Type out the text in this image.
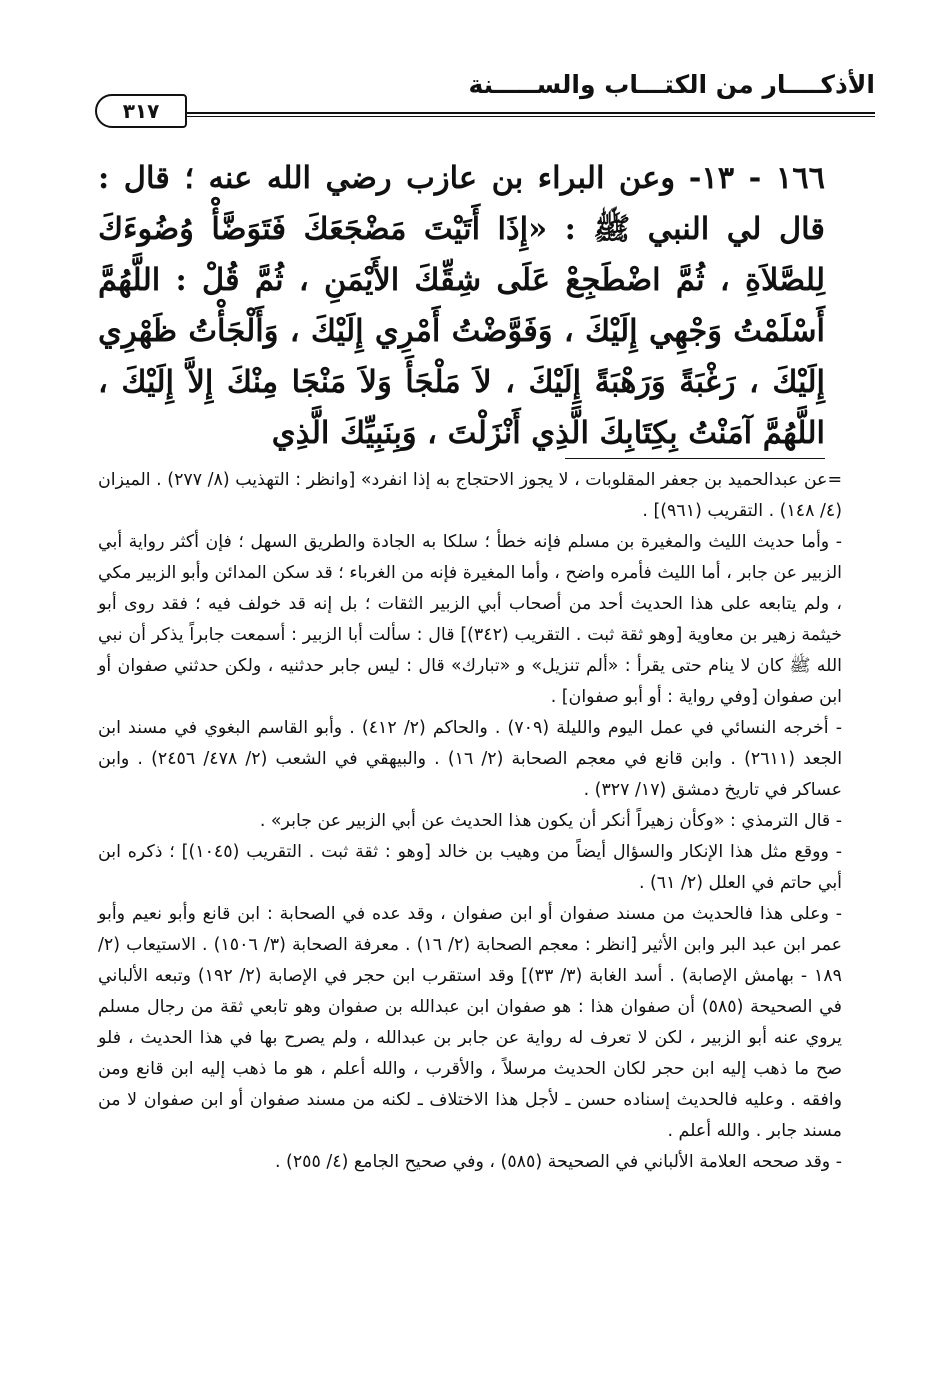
الأذكــــار من الكتـــاب والســـــنة
٣١٧
١٦٦ - ١٣- وعن البراء بن عازب رضي الله عنه ؛ قال : قال لي النبي ﷺ : «إِذَا أَتَيْتَ مَضْجَعَكَ فَتَوَضَّأْ وُضُوءَكَ لِلصَّلاَةِ ، ثُمَّ اضْطَجِعْ عَلَى شِقِّكَ الأَيْمَنِ ، ثُمَّ قُلْ : اللَّهُمَّ أَسْلَمْتُ وَجْهِي إِلَيْكَ ، وَفَوَّضْتُ أَمْرِي إِلَيْكَ ، وَأَلْجَأْتُ ظَهْرِي إِلَيْكَ ، رَغْبَةً وَرَهْبَةً إِلَيْكَ ، لاَ مَلْجَأَ وَلاَ مَنْجَا مِنْكَ إِلاَّ إِلَيْكَ ، اللَّهُمَّ آمَنْتُ بِكِتَابِكَ الَّذِي أَنْزَلْتَ ، وَبِنَبِيِّكَ الَّذِي

=عن عبدالحميد بن جعفر المقلوبات ، لا يجوز الاحتجاج به إذا انفرد» [وانظر : التهذيب (٨/ ٢٧٧) . الميزان (٤/ ١٤٨) . التقريب (٩٦١)] .

- وأما حديث الليث والمغيرة بن مسلم فإنه خطأ ؛ سلكا به الجادة والطريق السهل ؛ فإن أكثر رواية أبي الزبير عن جابر ، أما الليث فأمره واضح ، وأما المغيرة فإنه من الغرباء ؛ قد سكن المدائن وأبو الزبير مكي ، ولم يتابعه على هذا الحديث أحد من أصحاب أبي الزبير الثقات ؛ بل إنه قد خولف فيه ؛ فقد روى أبو خيثمة زهير بن معاوية [وهو ثقة ثبت . التقريب (٣٤٢)] قال : سألت أبا الزبير : أسمعت جابراً يذكر أن نبي الله ﷺ كان لا ينام حتى يقرأ : «ألم تنزيل» و «تبارك» قال : ليس جابر حدثنيه ، ولكن حدثني صفوان أو ابن صفوان [وفي رواية : أو أبو صفوان] .

- أخرجه النسائي في عمل اليوم والليلة (٧٠٩) . والحاكم (٢/ ٤١٢) . وأبو القاسم البغوي في مسند ابن الجعد (٢٦١١) . وابن قانع في معجم الصحابة (٢/ ١٦) . والبيهقي في الشعب (٢/ ٤٧٨/ ٢٤٥٦) . وابن عساكر في تاريخ دمشق (١٧/ ٣٢٧) .

- قال الترمذي : «وكأن زهيراً أنكر أن يكون هذا الحديث عن أبي الزبير عن جابر» .

- ووقع مثل هذا الإنكار والسؤال أيضاً من وهيب بن خالد [وهو : ثقة ثبت . التقريب (١٠٤٥)] ؛ ذكره ابن أبي حاتم في العلل (٢/ ٦١) .

- وعلى هذا فالحديث من مسند صفوان أو ابن صفوان ، وقد عده في الصحابة : ابن قانع وأبو نعيم وأبو عمر ابن عبد البر وابن الأثير [انظر : معجم الصحابة (٢/ ١٦) . معرفة الصحابة (٣/ ١٥٠٦) . الاستيعاب (٢/ ١٨٩ - بهامش الإصابة) . أسد الغابة (٣/ ٣٣)] وقد استقرب ابن حجر في الإصابة (٢/ ١٩٢) وتبعه الألباني في الصحيحة (٥٨٥) أن صفوان هذا : هو صفوان ابن عبدالله بن صفوان وهو تابعي ثقة من رجال مسلم يروي عنه أبو الزبير ، لكن لا تعرف له رواية عن جابر بن عبدالله ، ولم يصرح بها في هذا الحديث ، فلو صح ما ذهب إليه ابن حجر لكان الحديث مرسلاً ، والأقرب ، والله أعلم ، هو ما ذهب إليه ابن قانع ومن وافقه . وعليه فالحديث إسناده حسن ـ لأجل هذا الاختلاف ـ لكنه من مسند صفوان أو ابن صفوان لا من مسند جابر . والله أعلم .

- وقد صححه العلامة الألباني في الصحيحة (٥٨٥) ، وفي صحيح الجامع (٤/ ٢٥٥) .
